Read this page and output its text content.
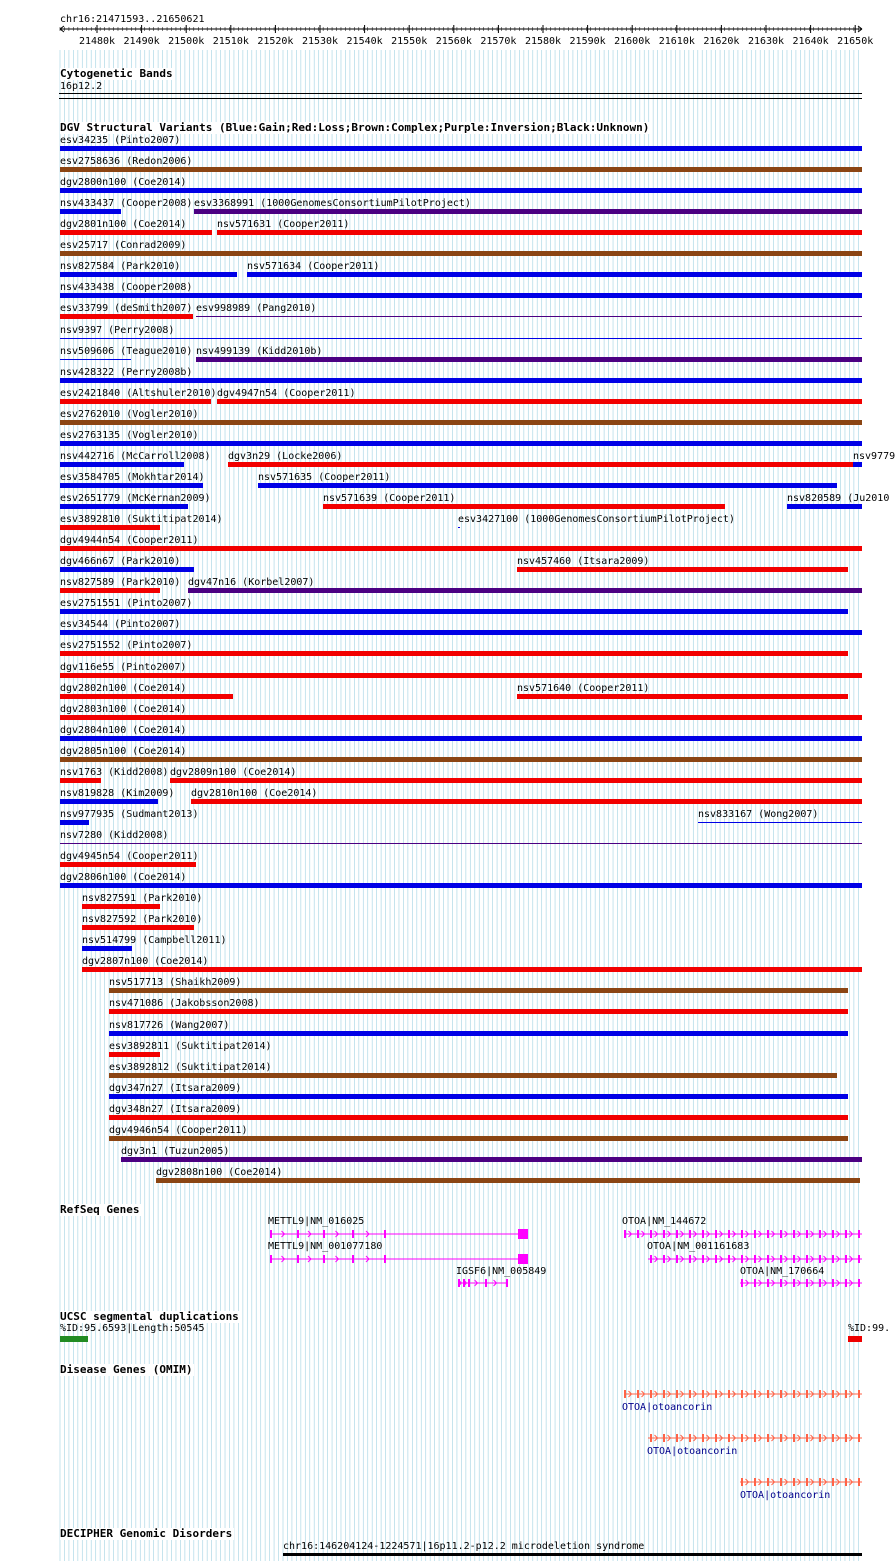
chr16:21471593..21650621
21480k 21490k 21500k 21510k 21520k 21530k 21540k 21550k 21560k 21570k 21580k 21590k 21600k 21610k 21620k 21630k 21640k 21650k
Cytogenetic Bands
16p12.2
DGV Structural Variants (Blue:Gain;Red:Loss;Brown:Complex;Purple:Inversion;Black:Unknown)
esv34235 (Pinto2007)
esv2758636 (Redon2006)
dgv2800n100 (Coe2014)
nsv433437 (Cooper2008) esv3368991 (1000GenomesConsortiumPilotProject)
dgv2801n100 (Coe2014)	nsv571631 (Cooper2011)
esv25717 (Conrad2009)
nsv827584 (Park2010)	nsv571634 (Cooper2011)
nsv433438 (Cooper2008)
esv33799 (deSmith2007) esv998989 (Pang2010)
nsv9397 (Perry2008)
nsv509606 (Teague2010) nsv499139 (Kidd2010b)
nsv428322 (Perry2008b)
esv2421840 (Altshuler2010) dgv4947n54 (Cooper2011)
esv2762010 (Vogler2010)
esv2763135 (Vogler2010)
nsv442716 (McCarroll2008) dgv3n29 (Locke2006)	nsv9779
esv3584705 (Mokhtar2014)	nsv571635 (Cooper2011)
esv2651779 (McKernan2009)	nsv571639 (Cooper2011)	nsv820589 (Ju2010
esv3892810 (Suktitipat2014)	esv3427100 (1000GenomesConsortiumPilotProject)
dgv4944n54 (Cooper2011)
dgv466n67 (Park2010)	nsv457460 (Itsara2009)
nsv827589 (Park2010) dgv47n16 (Korbel2007)
esv2751551 (Pinto2007)
esv34544 (Pinto2007)
esv2751552 (Pinto2007)
dgv116e55 (Pinto2007)
dgv2802n100 (Coe2014)	nsv571640 (Cooper2011)
dgv2803n100 (Coe2014)
dgv2804n100 (Coe2014)
dgv2805n100 (Coe2014)
nsv1763 (Kidd2008) dgv2809n100 (Coe2014)
nsv819828 (Kim2009) dgv2810n100 (Coe2014)
nsv977935 (Sudmant2013)	nsv833167 (Wong2007)
nsv7280 (Kidd2008)
dgv4945n54 (Cooper2011)
dgv2806n100 (Coe2014)
nsv827591 (Park2010)
nsv827592 (Park2010)
nsv514799 (Campbell2011)
dgv2807n100 (Coe2014)
nsv517713 (Shaikh2009)
nsv471086 (Jakobsson2008)
nsv817726 (Wang2007)
esv3892811 (Suktitipat2014)
esv3892812 (Suktitipat2014)
dgv347n27 (Itsara2009)
dgv348n27 (Itsara2009)
dgv4946n54 (Cooper2011)
dgv3n1 (Tuzun2005)
dgv2808n100 (Coe2014)
RefSeq Genes
METTL9|NM_016025
METTL9|NM_001077180
IGSF6|NM_005849
OTOA|NM_144672
OTOA|NM_001161683
OTOA|NM_170664
UCSC segmental duplications
%ID:95.6593|Length:50545	%ID:99.
Disease Genes (OMIM)
OTOA|otoancorin
OTOA|otoancorin
OTOA|otoancorin
DECIPHER Genomic Disorders
chr16:146204124-1224571|16p11.2-p12.2 microdeletion syndrome
